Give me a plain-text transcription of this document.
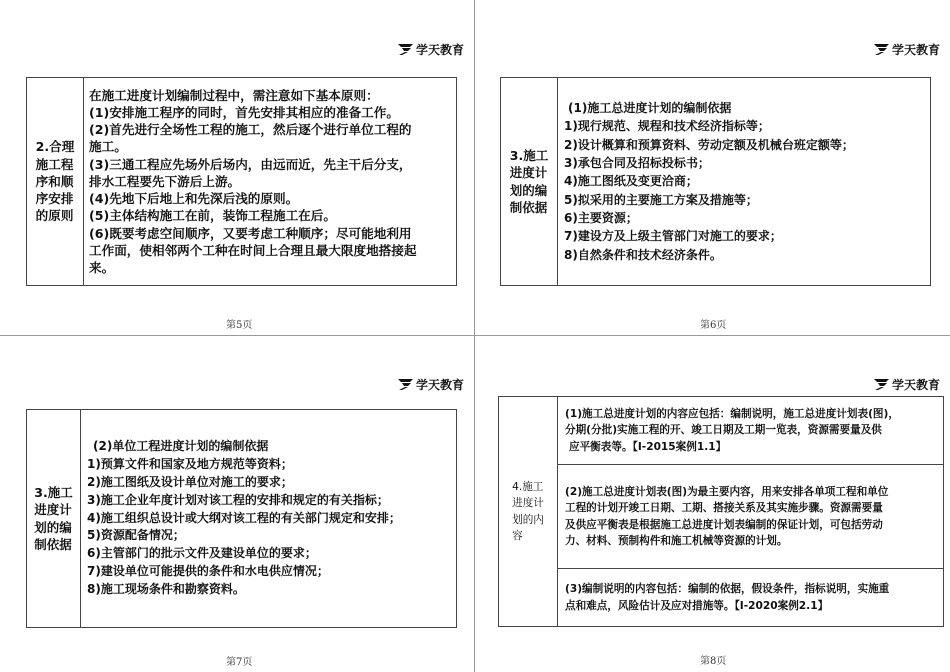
学天教育
2.合理
施工程
序和顺
序安排
的原则

在施工进度计划编制过程中，需注意如下基本原则：
(1)安排施工程序的同时，首先安排其相应的准备工作。
(2)首先进行全场性工程的施工，然后逐个进行单位工程的
施工。
(3)三通工程应先场外后场内，由远而近，先主干后分支，
排水工程要先下游后上游。
(4)先地下后地上和先深后浅的原则。
(5)主体结构施工在前，装饰工程施工在后。
(6)既要考虑空间顺序，又要考虑工种顺序；尽可能地利用
工作面，使相邻两个工种在时间上合理且最大限度地搭接起
来。
第5页
学天教育
3.施工
进度计
划的编
制依据

(1)施工总进度计划的编制依据
1)现行规范、规程和技术经济指标等；
2)设计概算和预算资料、劳动定额及机械台班定额等；
3)承包合同及招标投标书；
4)施工图纸及变更洽商；
5)拟采用的主要施工方案及措施等；
6)主要资源；
7)建设方及上级主管部门对施工的要求；
8)自然条件和技术经济条件。
第6页
学天教育
3.施工
进度计
划的编
制依据

(2)单位工程进度计划的编制依据
1)预算文件和国家及地方规范等资料；
2)施工图纸及设计单位对施工的要求；
3)施工企业年度计划对该工程的安排和规定的有关指标；
4)施工组织总设计或大纲对该工程的有关部门规定和安排；
5)资源配备情况；
6)主管部门的批示文件及建设单位的要求；
7)建设单位可能提供的条件和水电供应情况；
8)施工现场条件和勘察资料。
第7页
学天教育
4.施工
进度计
划的内
容

(1)施工总进度计划的内容应包括：编制说明，施工总进度计划表(图)，
分期(分批)实施工程的开、竣工日期及工期一览表，资源需要量及供
应平衡表等。【Ⅰ-2015案例1.1】

(2)施工总进度计划表(图)为最主要内容，用来安排各单项工程和单位
工程的计划开竣工日期、工期、搭接关系及其实施步骤。资源需要量
及供应平衡表是根据施工总进度计划表编制的保证计划，可包括劳动
力、材料、预制构件和施工机械等资源的计划。

(3)编制说明的内容包括：编制的依据，假设条件，指标说明，实施重
点和难点，风险估计及应对措施等。【Ⅰ-2020案例2.1】
第8页
